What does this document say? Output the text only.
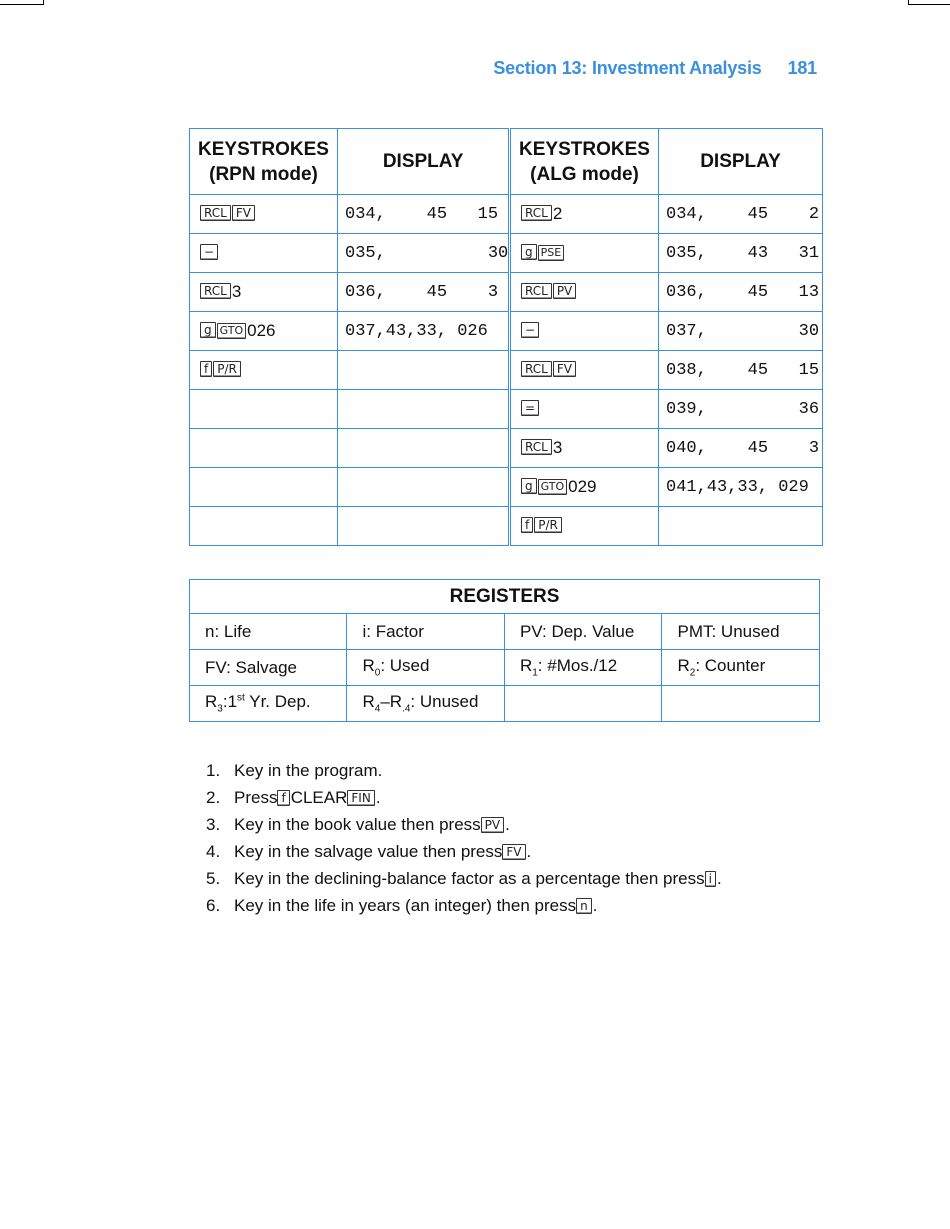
Section 13: Investment Analysis 181
KEYSTROKES
(RPN mode)	DISPLAY
RCL FV	034,    45   15
−	035,          30
RCL 3	036,    45    3
g GTO 026	037,43,33, 026
f P/R	

KEYSTROKES
(ALG mode)	DISPLAY
RCL 2	034,    45    2
g PSE	035,    43   31
RCL PV	036,    45   13
−	037,         30
RCL FV	038,    45   15
=	039,         36
RCL 3	040,    45    3
g GTO 029	041,43,33, 029
f P/R	
REGISTERS			
n: Life	i: Factor	PV: Dep. Value	PMT: Unused
FV: Salvage	$R_0$: Used	$R_1$: #Mos./12	$R_2$: Counter
$R_3:1st$ Yr. Dep.	$R_4-R_{.4}$: Unused		
1. Key in the program.
2. Press f CLEAR FIN .
3. Key in the book value then press PV .
4. Key in the salvage value then press FV .
5. Key in the declining-balance factor as a percentage then press i .
6. Key in the life in years (an integer) then press n .
